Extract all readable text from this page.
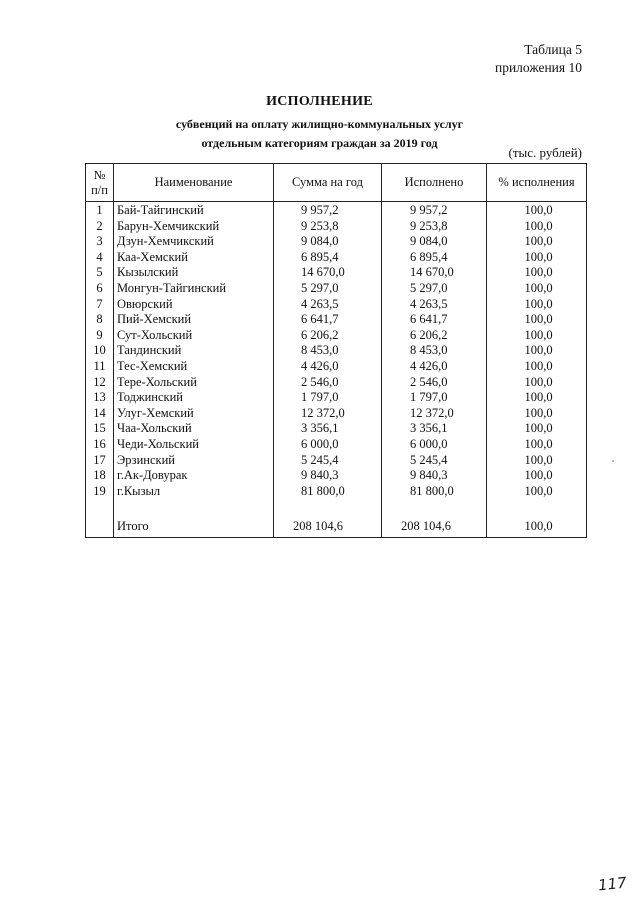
Таблица 5
приложения 10
ИСПОЛНЕНИЕ
субвенций на оплату жилищно-коммунальных услуг
отдельным категориям граждан за 2019 год
(тыс. рублей)
№
п/п	Наименование	Сумма на год	Исполнено	% исполнения
1	Бай-Тайгинский	9 957,2	9 957,2	100,0
2	Барун-Хемчикский	9 253,8	9 253,8	100,0
3	Дзун-Хемчикский	9 084,0	9 084,0	100,0
4	Каа-Хемский	6 895,4	6 895,4	100,0
5	Кызылский	14 670,0	14 670,0	100,0
6	Монгун-Тайгинский	5 297,0	5 297,0	100,0
7	Овюрский	4 263,5	4 263,5	100,0
8	Пий-Хемский	6 641,7	6 641,7	100,0
9	Сут-Хольский	6 206,2	6 206,2	100,0
10	Тандинский	8 453,0	8 453,0	100,0
11	Тес-Хемский	4 426,0	4 426,0	100,0
12	Тере-Хольский	2 546,0	2 546,0	100,0
13	Тоджинский	1 797,0	1 797,0	100,0
14	Улуг-Хемский	12 372,0	12 372,0	100,0
15	Чаа-Хольский	3 356,1	3 356,1	100,0
16	Чеди-Хольский	6 000,0	6 000,0	100,0
17	Эрзинский	5 245,4	5 245,4	100,0
18	г.Ак-Довурак	9 840,3	9 840,3	100,0
19	г.Кызыл	81 800,0	81 800,0	100,0

	Итого	208 104,6	208 104,6	100,0
117
